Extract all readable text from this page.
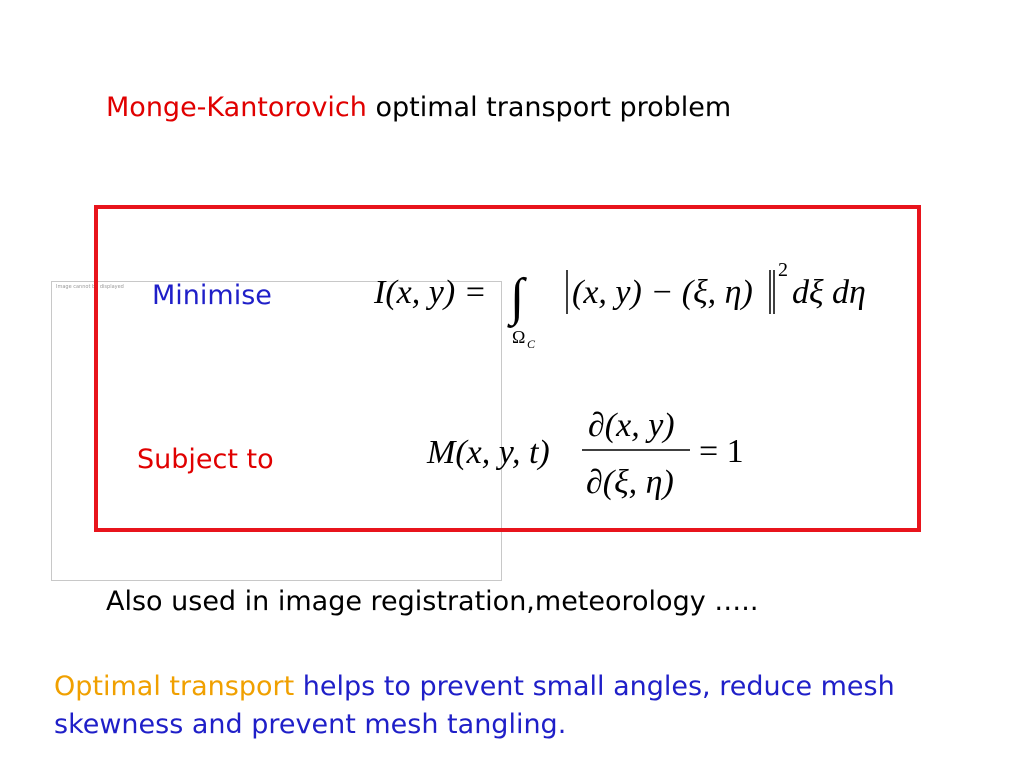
Monge-Kantorovich optimal transport problem
Image cannot be displayed Minimise
Subject to
I(x, y) = ∫
Ω C
(x, y) − (ξ, η)
2
dξ dη
M(x, y, t)
∂(x, y)
∂(ξ, η)
= 1
Also used in image registration,meteorology …..
Optimal transport helps to prevent small angles, reduce mesh skewness and prevent mesh tangling.
